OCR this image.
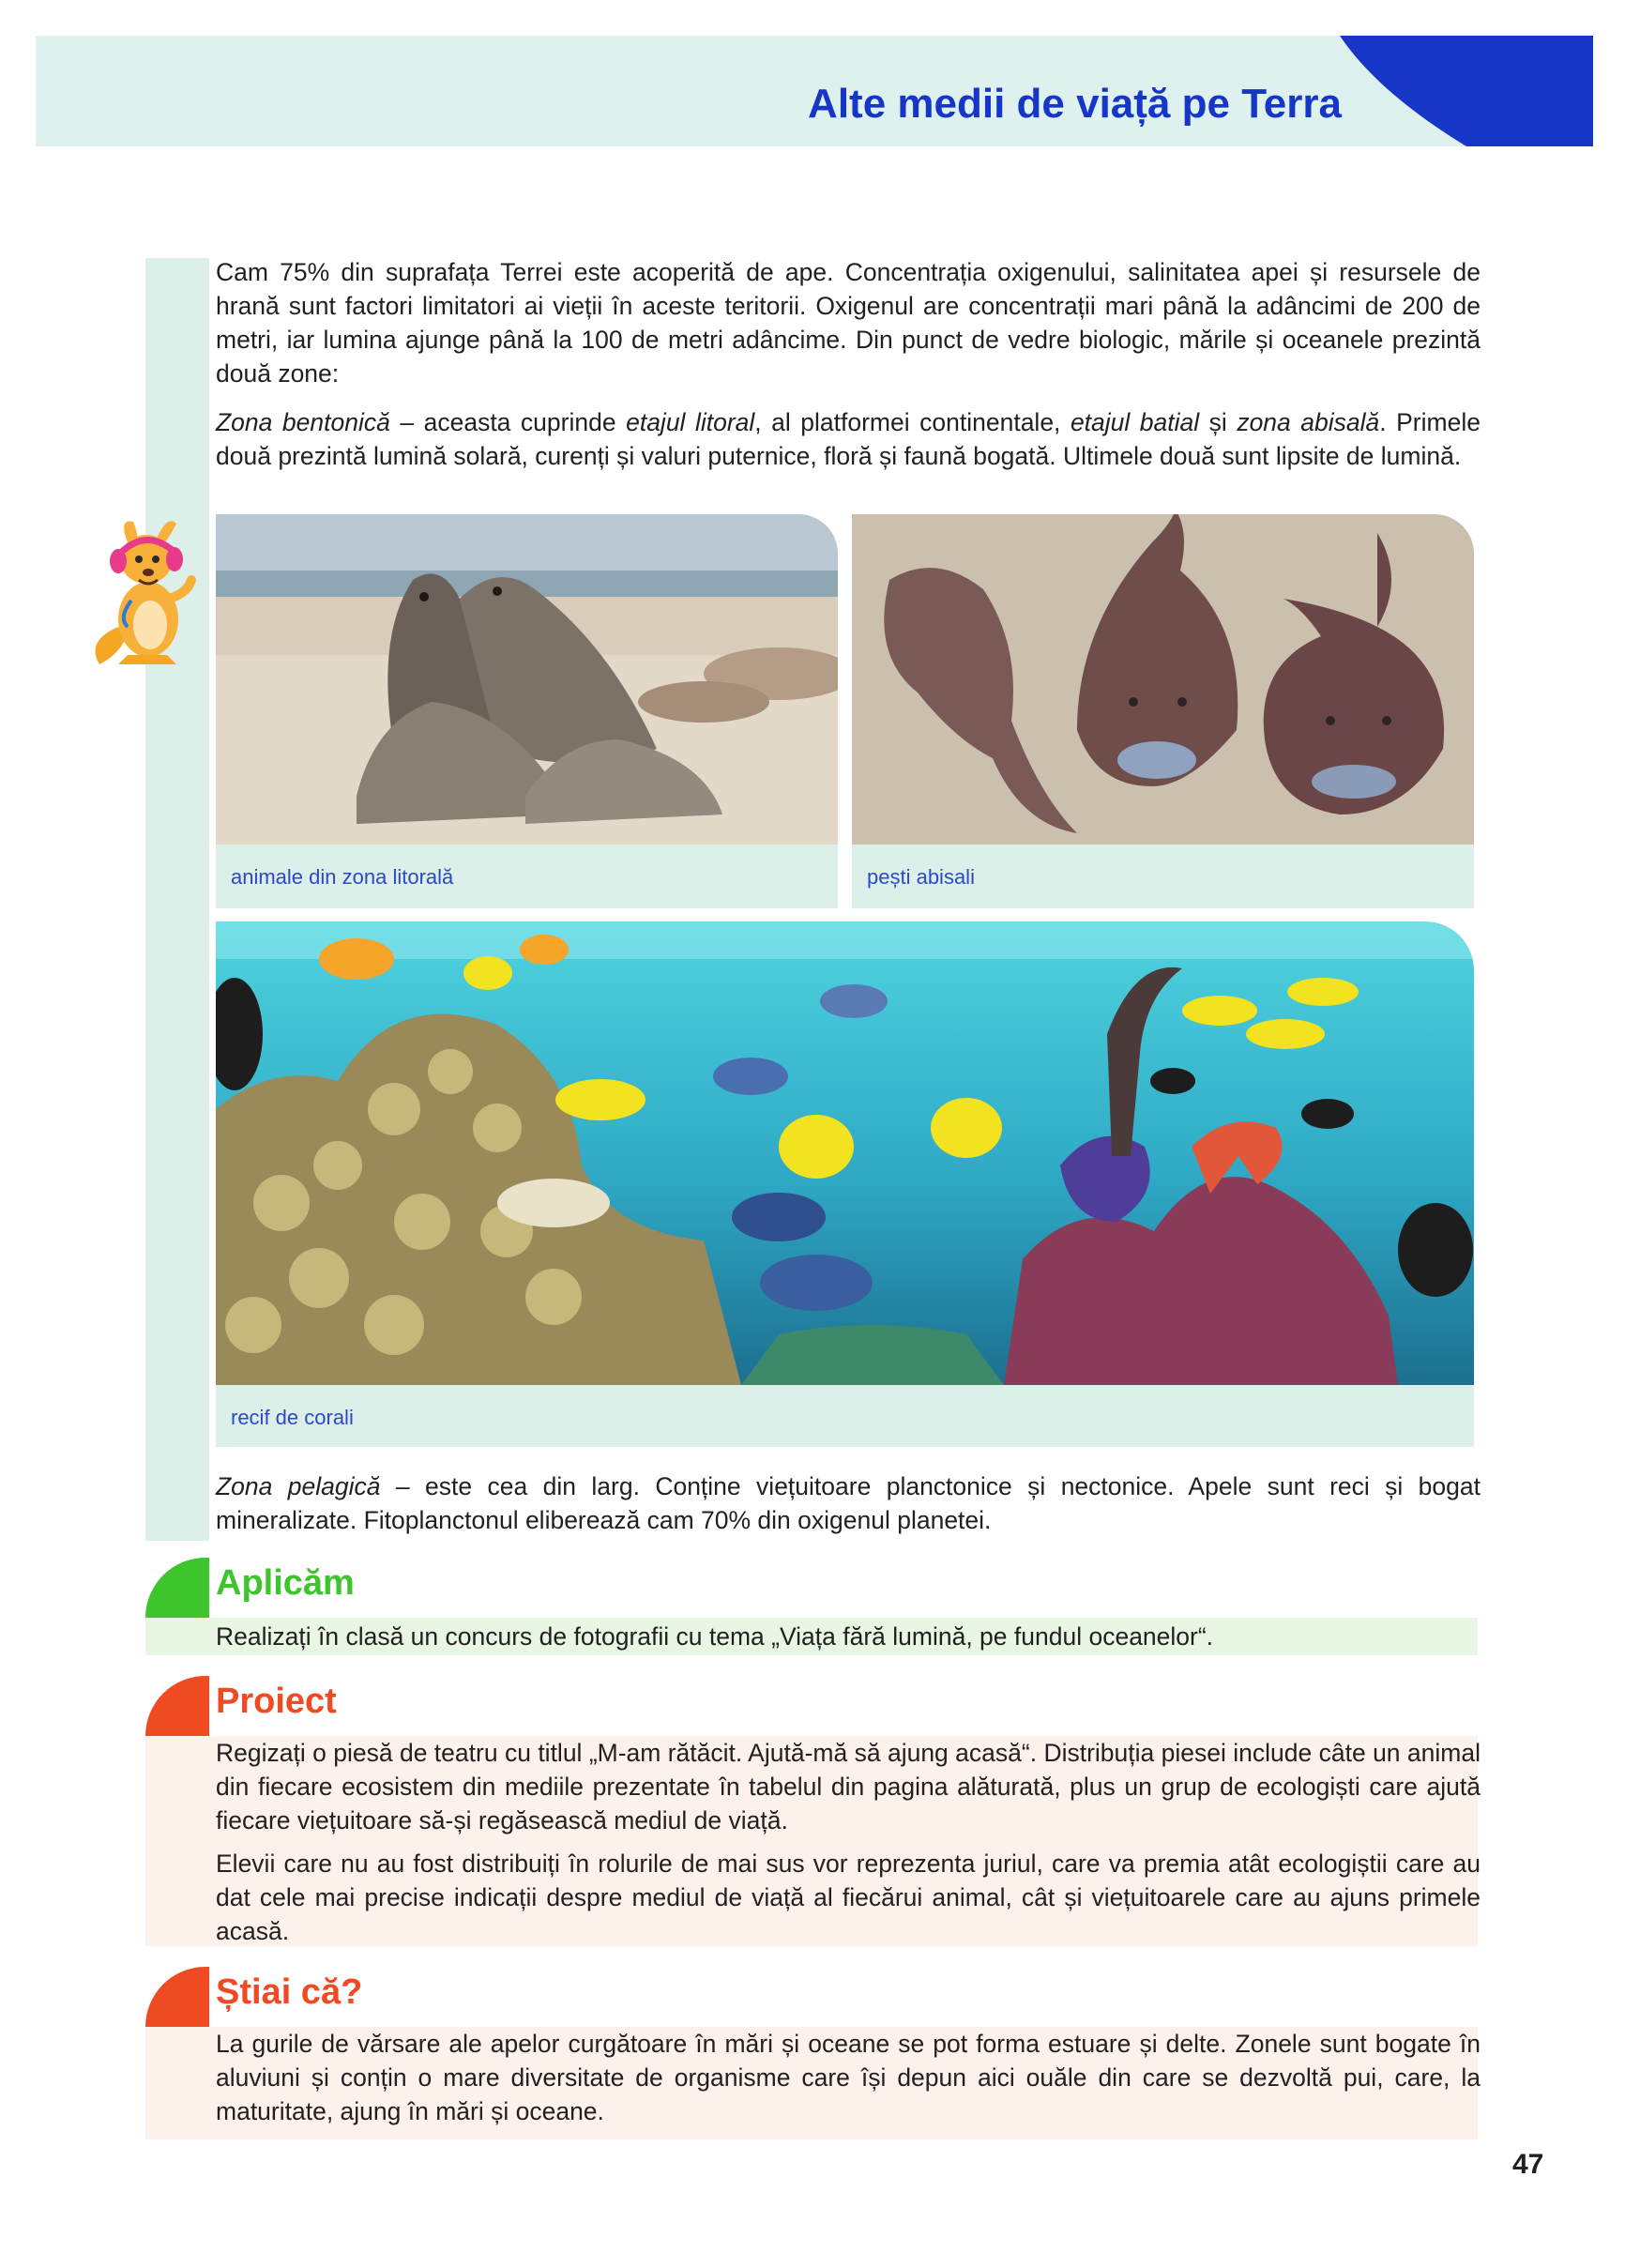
Alte medii de viață pe Terra

Cam 75% din suprafața Terrei este acoperită de ape. Concentrația oxigenului, salinitatea apei și resursele de hrană sunt factori limitatori ai vieții în aceste teritorii. Oxigenul are concentrații mari până la adâncimi de 200 de metri, iar lumina ajunge până la 100 de metri adâncime. Din punct de vedre biologic, mările și oceanele prezintă două zone:

Zona bentonică – aceasta cuprinde etajul litoral, al platformei continentale, etajul batial și zona abisală. Primele două prezintă lumină solară, curenți și valuri puternice, floră și faună bogată. Ultimele două sunt lipsite de lumină.

animale din zona litorală	pești abisali
recif de corali

Zona pelagică – este cea din larg. Conține viețuitoare planctonice și nectonice. Apele sunt reci și bogat mineralizate. Fitoplanctonul eliberează cam 70% din oxigenul planetei.

Aplicăm

Realizați în clasă un concurs de fotografii cu tema „Viața fără lumină, pe fundul oceanelor“.

Proiect

Regizați o piesă de teatru cu titlul „M-am rătăcit. Ajută-mă să ajung acasă“. Distribuția piesei include câte un animal din fiecare ecosistem din mediile prezentate în tabelul din pagina alăturată, plus un grup de ecologiști care ajută fiecare viețuitoare să-și regăsească mediul de viață.

Elevii care nu au fost distribuiți în rolurile de mai sus vor reprezenta juriul, care va premia atât ecologiștii care au dat cele mai precise indicații despre mediul de viață al fiecărui animal, cât și viețuitoarele care au ajuns primele acasă.

Știai că?

La gurile de vărsare ale apelor curgătoare în mări și oceane se pot forma estuare și delte. Zonele sunt bogate în aluviuni și conțin o mare diversitate de organisme care își depun aici ouăle din care se dezvoltă pui, care, la maturitate, ajung în mări și oceane.

47
